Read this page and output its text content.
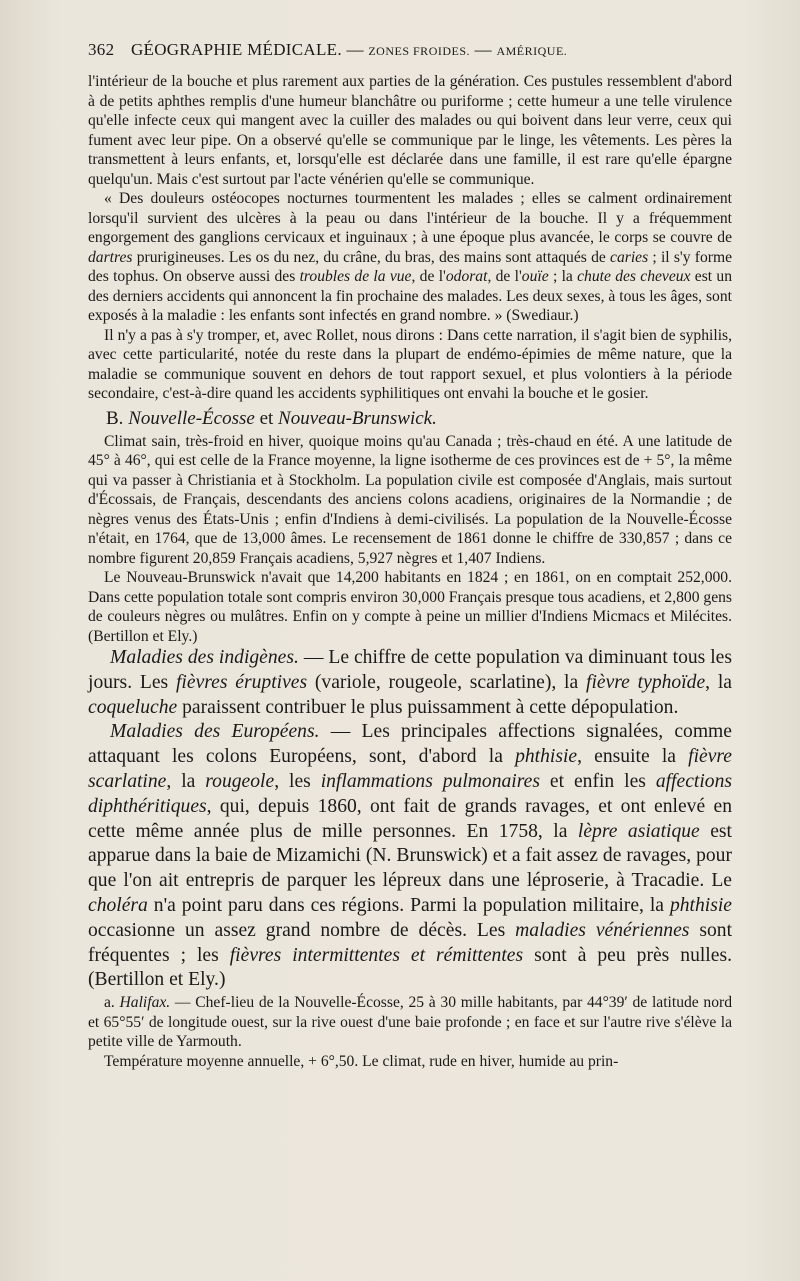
362 GÉOGRAPHIE MÉDICALE. — ZONES FROIDES. — AMÉRIQUE.

l'intérieur de la bouche et plus rarement aux parties de la génération. Ces pustules ressemblent d'abord à de petits aphthes remplis d'une humeur blanchâtre ou puriforme ; cette humeur a une telle virulence qu'elle infecte ceux qui mangent avec la cuiller des malades ou qui boivent dans leur verre, ceux qui fument avec leur pipe. On a observé qu'elle se communique par le linge, les vêtements. Les pères la transmettent à leurs enfants, et, lorsqu'elle est déclarée dans une famille, il est rare qu'elle épargne quelqu'un. Mais c'est surtout par l'acte vénérien qu'elle se communique.

« Des douleurs ostéocopes nocturnes tourmentent les malades ; elles se calment ordinairement lorsqu'il survient des ulcères à la peau ou dans l'intérieur de la bouche. Il y a fréquemment engorgement des ganglions cervicaux et inguinaux ; à une époque plus avancée, le corps se couvre de dartres prurigineuses. Les os du nez, du crâne, du bras, des mains sont attaqués de caries ; il s'y forme des tophus. On observe aussi des troubles de la vue, de l'odorat, de l'ouïe ; la chute des cheveux est un des derniers accidents qui annoncent la fin prochaine des malades. Les deux sexes, à tous les âges, sont exposés à la maladie : les enfants sont infectés en grand nombre. » (Swediaur.)

Il n'y a pas à s'y tromper, et, avec Rollet, nous dirons : Dans cette narration, il s'agit bien de syphilis, avec cette particularité, notée du reste dans la plupart de endémo-épimies de même nature, que la maladie se communique souvent en dehors de tout rapport sexuel, et plus volontiers à la période secondaire, c'est-à-dire quand les accidents syphilitiques ont envahi la bouche et le gosier.

B. Nouvelle-Écosse et Nouveau-Brunswick.

Climat sain, très-froid en hiver, quoique moins qu'au Canada ; très-chaud en été. A une latitude de 45° à 46°, qui est celle de la France moyenne, la ligne isotherme de ces provinces est de + 5°, la même qui va passer à Christiania et à Stockholm. La population civile est composée d'Anglais, mais surtout d'Écossais, de Français, descendants des anciens colons acadiens, originaires de la Normandie ; de nègres venus des États-Unis ; enfin d'Indiens à demi-civilisés. La population de la Nouvelle-Écosse n'était, en 1764, que de 13,000 âmes. Le recensement de 1861 donne le chiffre de 330,857 ; dans ce nombre figurent 20,859 Français acadiens, 5,927 nègres et 1,407 Indiens.

Le Nouveau-Brunswick n'avait que 14,200 habitants en 1824 ; en 1861, on en comptait 252,000. Dans cette population totale sont compris environ 30,000 Français presque tous acadiens, et 2,800 gens de couleurs nègres ou mulâtres. Enfin on y compte à peine un millier d'Indiens Micmacs et Milécites. (Bertillon et Ely.)

Maladies des indigènes. — Le chiffre de cette population va diminuant tous les jours. Les fièvres éruptives (variole, rougeole, scarlatine), la fièvre typhoïde, la coqueluche paraissent contribuer le plus puissamment à cette dépopulation.

Maladies des Européens. — Les principales affections signalées, comme attaquant les colons Européens, sont, d'abord la phthisie, ensuite la fièvre scarlatine, la rougeole, les inflammations pulmonaires et enfin les affections diphthéritiques, qui, depuis 1860, ont fait de grands ravages, et ont enlevé en cette même année plus de mille personnes. En 1758, la lèpre asiatique est apparue dans la baie de Mizamichi (N. Brunswick) et a fait assez de ravages, pour que l'on ait entrepris de parquer les lépreux dans une léproserie, à Tracadie. Le choléra n'a point paru dans ces régions. Parmi la population militaire, la phthisie occasionne un assez grand nombre de décès. Les maladies vénériennes sont fréquentes ; les fièvres intermittentes et rémittentes sont à peu près nulles. (Bertillon et Ely.)

a. Halifax. — Chef-lieu de la Nouvelle-Écosse, 25 à 30 mille habitants, par 44°39′ de latitude nord et 65°55′ de longitude ouest, sur la rive ouest d'une baie profonde ; en face et sur l'autre rive s'élève la petite ville de Yarmouth.

Température moyenne annuelle, + 6°,50. Le climat, rude en hiver, humide au prin-
